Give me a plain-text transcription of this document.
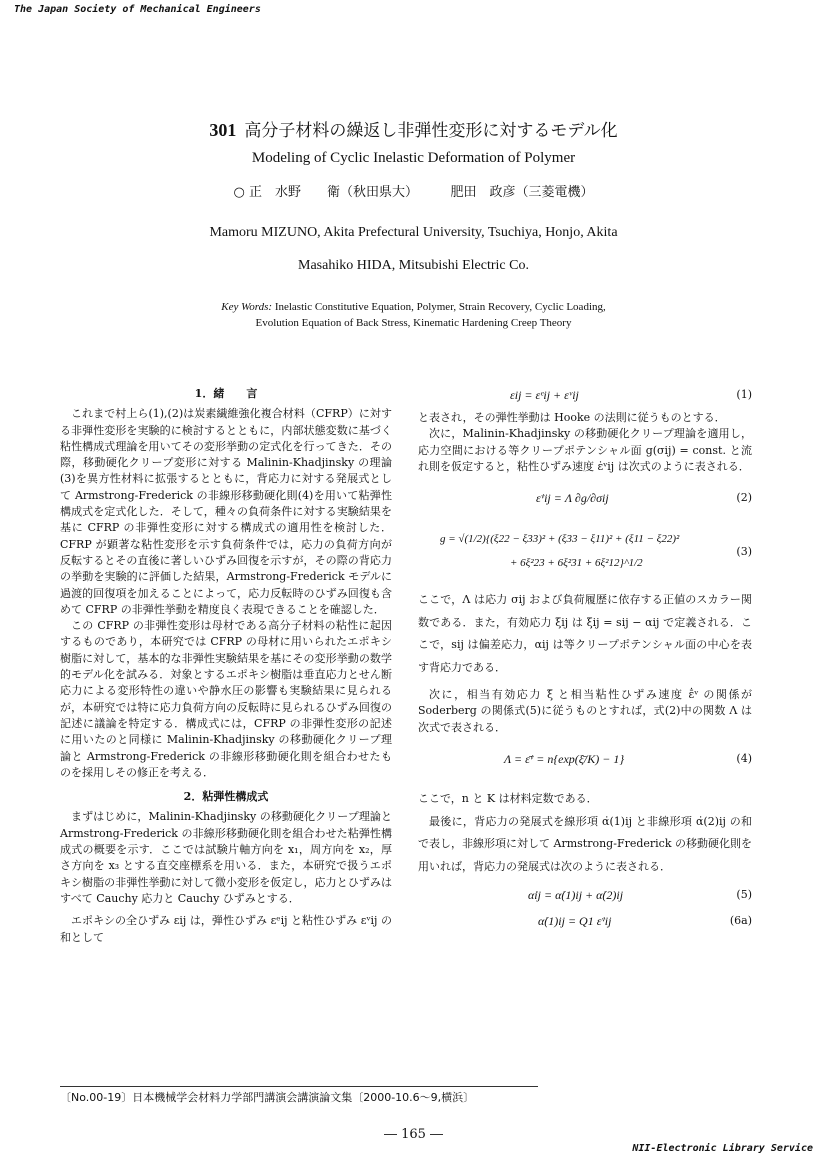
The Japan Society of Mechanical Engineers
301 高分子材料の繰返し非弾性変形に対するモデル化
Modeling of Cyclic Inelastic Deformation of Polymer
○ 正　水野　　衛（秋田県大）　　　肥田　政彦（三菱電機）
Mamoru MIZUNO, Akita Prefectural University, Tsuchiya, Honjo, Akita
Masahiko HIDA, Mitsubishi Electric Co.
Key Words: Inelastic Constitutive Equation, Polymer, Strain Recovery, Cyclic Loading,
Evolution Equation of Back Stress, Kinematic Hardening Creep Theory
1．緒　　言

これまで村上ら(1),(2)は炭素繊維強化複合材料（CFRP）に対する非弾性変形を実験的に検討するとともに，内部状態変数に基づく粘性構成式理論を用いてその変形挙動の定式化を行ってきた．その際，移動硬化クリープ変形に対する Malinin-Khadjinsky の理論(3)を異方性材料に拡張するとともに，背応力に対する発展式として Armstrong-Frederick の非線形移動硬化則(4)を用いて粘弾性構成式を定式化した．そして，種々の負荷条件に対する実験結果を基に CFRP の非弾性変形に対する構成式の適用性を検討した．CFRP が顕著な粘性変形を示す負荷条件では，応力の負荷方向が反転するとその直後に著しいひずみ回復を示すが，その際の背応力の挙動を実験的に評価した結果，Armstrong-Frederick モデルに過渡的回復項を加えることによって，応力反転時のひずみ回復も含めて CFRP の非弾性挙動を精度良く表現できることを確認した．

この CFRP の非弾性変形は母材である高分子材料の粘性に起因するものであり，本研究では CFRP の母材に用いられたエポキシ樹脂に対して，基本的な非弾性実験結果を基にその変形挙動の数学的モデル化を試みる．対象とするエポキシ樹脂は垂直応力とせん断応力による変形特性の違いや静水圧の影響も実験結果に見られるが，本研究では特に応力負荷方向の反転時に見られるひずみ回復の記述に議論を特定する．構成式には，CFRP の非弾性変形の記述に用いたのと同様に Malinin-Khadjinsky の移動硬化クリープ理論と Armstrong-Frederick の非線形移動硬化則を組合わせたものを採用しその修正を考える．

2．粘弾性構成式

まずはじめに，Malinin-Khadjinsky の移動硬化クリープ理論と Armstrong-Frederick の非線形移動硬化則を組合わせた粘弾性構成式の概要を示す．ここでは試験片軸方向を x₁，周方向を x₂，厚さ方向を x₃ とする直交座標系を用いる．また，本研究で扱うエポキシ樹脂の非弾性挙動に対して微小変形を仮定し，応力とひずみはすべて Cauchy 応力と Cauchy ひずみとする．

エポキシの全ひずみ εij は，弾性ひずみ εᵉij と粘性ひずみ εᵛij の和として

εij = εᵉij + εᵛij	(1)

と表され，その弾性挙動は Hooke の法則に従うものとする．

次に，Malinin-Khadjinsky の移動硬化クリープ理論を適用し，応力空間における等クリープポテンシャル面 g(σij) = const. と流れ則を仮定すると，粘性ひずみ速度 ε̇ᵛij は次式のように表される．

ε̇ᵛij = Λ ∂g/∂σij	(2)
g = √(1/2){(ξ22 − ξ33)² + (ξ33 − ξ11)² + (ξ11 − ξ22)²
+ 6ξ²23 + 6ξ²31 + 6ξ²12}^1/2
(3)

ここで，Λ は応力 σij および負荷履歴に依存する正値のスカラー関数である．また，有効応力 ξij は ξij = sij − αij で定義される．ここで，sij は偏差応力，αij は等クリープポテンシャル面の中心を表す背応力である．

次に，相当有効応力 ξ̄ と相当粘性ひずみ速度 ε̄̇ᵛ の関係が Soderberg の関係式(5)に従うものとすれば，式(2)中の関数 Λ は次式で表される．

Λ = ε̄̇ᵛ = n{exp(ξ̄/K) − 1}	(4)

ここで，n と K は材料定数である．

最後に，背応力の発展式を線形項 α̇(1)ij と非線形項 α̇(2)ij の和で表し，非線形項に対して Armstrong-Frederick の移動硬化則を用いれば，背応力の発展式は次のように表される．

α̇ij = α̇(1)ij + α̇(2)ij	(5)
α̇(1)ij = Q1 ε̇ᵛij	(6a)
〔No.00-19〕日本機械学会材料力学部門講演会講演論文集〔2000-10.6〜9,横浜〕
― 165 ―
NII-Electronic Library Service
